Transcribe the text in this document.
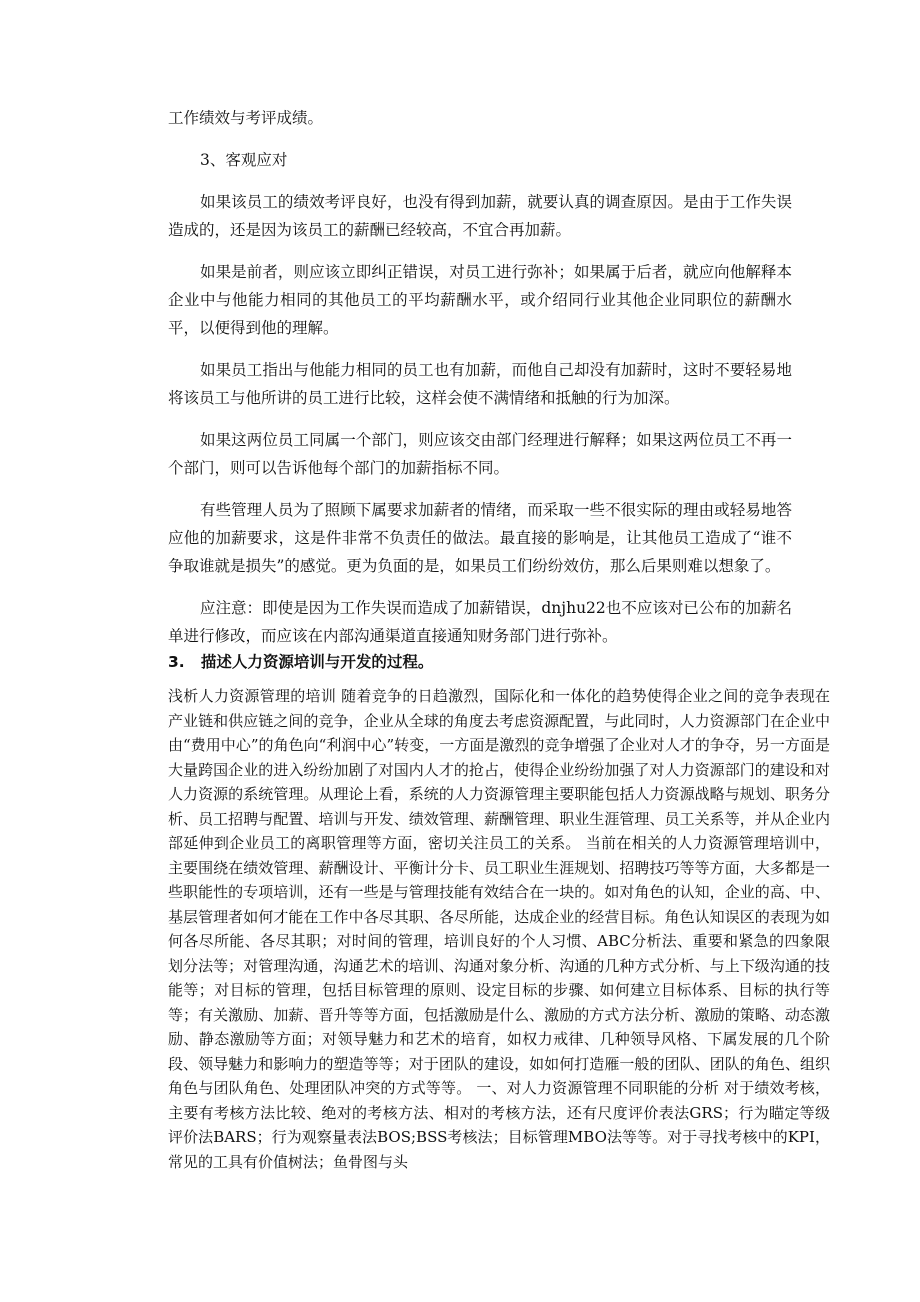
工作绩效与考评成绩。

3、客观应对

如果该员工的绩效考评良好，也没有得到加薪，就要认真的调查原因。是由于工作失误造成的，还是因为该员工的薪酬已经较高，不宜合再加薪。

如果是前者，则应该立即纠正错误，对员工进行弥补；如果属于后者，就应向他解释本企业中与他能力相同的其他员工的平均薪酬水平，或介绍同行业其他企业同职位的薪酬水平，以便得到他的理解。

如果员工指出与他能力相同的员工也有加薪，而他自己却没有加薪时，这时不要轻易地将该员工与他所讲的员工进行比较，这样会使不满情绪和抵触的行为加深。

如果这两位员工同属一个部门，则应该交由部门经理进行解释；如果这两位员工不再一个部门，则可以告诉他每个部门的加薪指标不同。

有些管理人员为了照顾下属要求加薪者的情绪，而采取一些不很实际的理由或轻易地答应他的加薪要求，这是件非常不负责任的做法。最直接的影响是，让其他员工造成了“谁不争取谁就是损失”的感觉。更为负面的是，如果员工们纷纷效仿，那么后果则难以想象了。

应注意：即使是因为工作失误而造成了加薪错误，dnjhu22也不应该对已公布的加薪名单进行修改，而应该在内部沟通渠道直接通知财务部门进行弥补。

3.   描述人力资源培训与开发的过程。

浅析人力资源管理的培训 随着竞争的日趋激烈，国际化和一体化的趋势使得企业之间的竞争表现在产业链和供应链之间的竞争，企业从全球的角度去考虑资源配置，与此同时，人力资源部门在企业中由“费用中心”的角色向“利润中心”转变，一方面是激烈的竞争增强了企业对人才的争夺，另一方面是大量跨国企业的进入纷纷加剧了对国内人才的抢占，使得企业纷纷加强了对人力资源部门的建设和对人力资源的系统管理。从理论上看，系统的人力资源管理主要职能包括人力资源战略与规划、职务分析、员工招聘与配置、培训与开发、绩效管理、薪酬管理、职业生涯管理、员工关系等，并从企业内部延伸到企业员工的离职管理等方面，密切关注员工的关系。 当前在相关的人力资源管理培训中，主要围绕在绩效管理、薪酬设计、平衡计分卡、员工职业生涯规划、招聘技巧等等方面，大多都是一些职能性的专项培训，还有一些是与管理技能有效结合在一块的。如对角色的认知，企业的高、中、基层管理者如何才能在工作中各尽其职、各尽所能，达成企业的经营目标。角色认知误区的表现为如何各尽所能、各尽其职；对时间的管理，培训良好的个人习惯、ABC分析法、重要和紧急的四象限划分法等；对管理沟通，沟通艺术的培训、沟通对象分析、沟通的几种方式分析、与上下级沟通的技能等；对目标的管理，包括目标管理的原则、设定目标的步骤、如何建立目标体系、目标的执行等等；有关激励、加薪、晋升等等方面，包括激励是什么、激励的方式方法分析、激励的策略、动态激励、静态激励等方面；对领导魅力和艺术的培育，如权力戒律、几种领导风格、下属发展的几个阶段、领导魅力和影响力的塑造等等；对于团队的建设，如如何打造雁一般的团队、团队的角色、组织角色与团队角色、处理团队冲突的方式等等。 一、对人力资源管理不同职能的分析 对于绩效考核，主要有考核方法比较、绝对的考核方法、相对的考核方法，还有尺度评价表法GRS；行为瞄定等级评价法BARS；行为观察量表法BOS;BSS考核法；目标管理MBO法等等。对于寻找考核中的KPI，常见的工具有价值树法；鱼骨图与头
